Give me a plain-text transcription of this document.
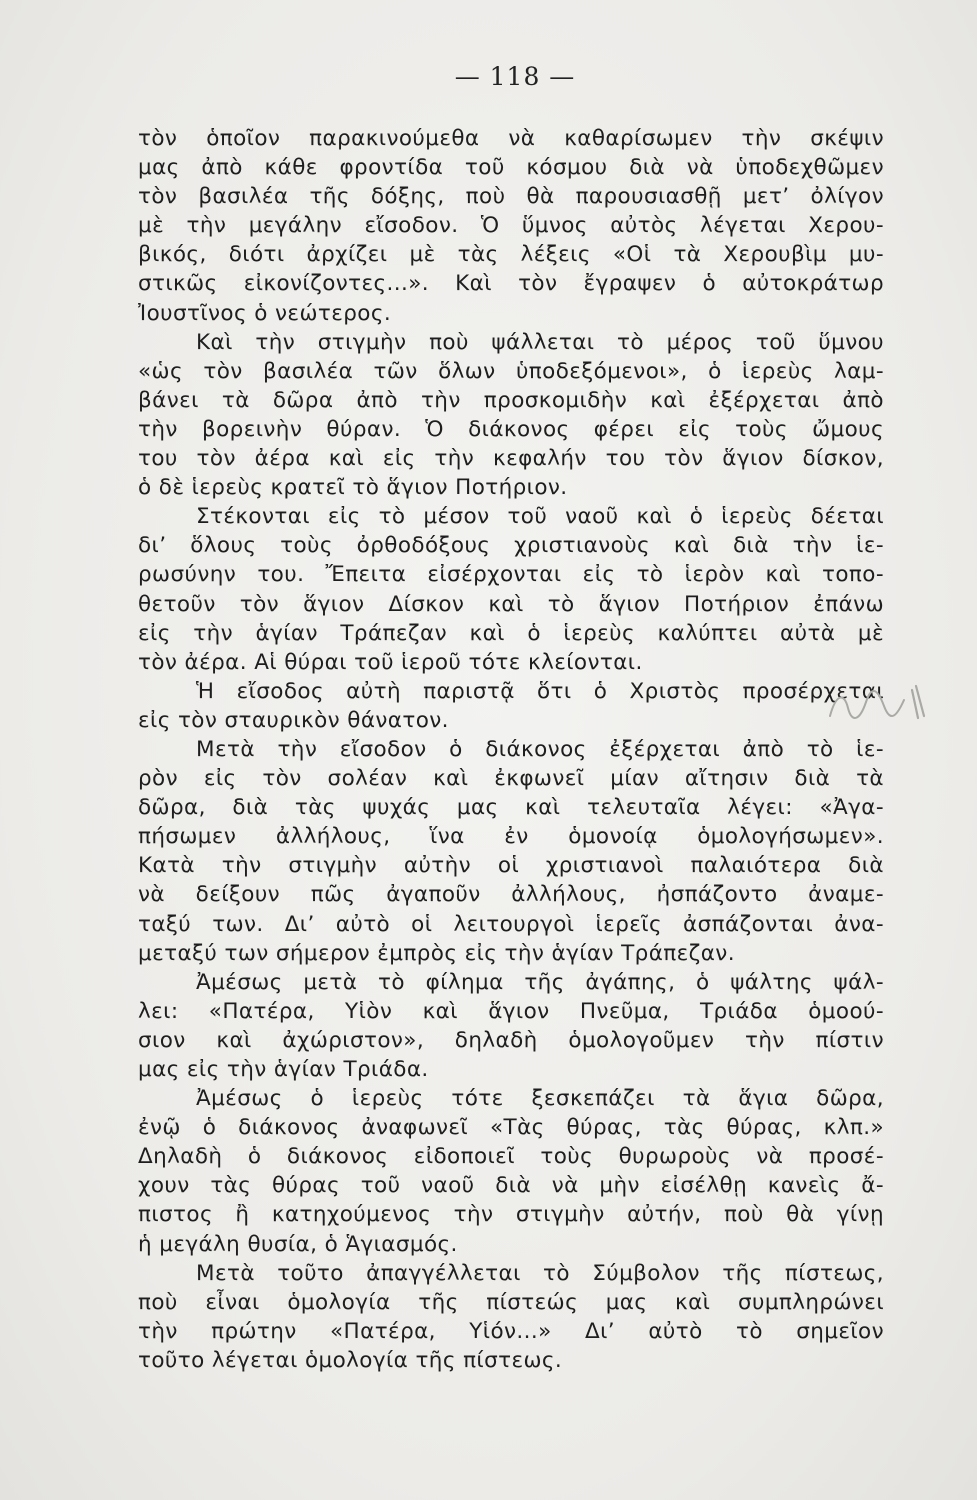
— 118 —
τὸν ὁποῖον παρακινούμεθα νὰ καθαρίσωμεν τὴν σκέψιν
μας ἀπὸ κάθε φροντίδα τοῦ κόσμου διὰ νὰ ὑποδεχθῶμεν
τὸν βασιλέα τῆς δόξης, ποὺ θὰ παρουσιασθῇ μετ’ ὀλίγον
μὲ τὴν μεγάλην εἴσοδον. Ὁ ὕμνος αὐτὸς λέγεται Χερου-
βικός, διότι ἀρχίζει μὲ τὰς λέξεις «Οἱ τὰ Χερουβὶμ μυ-
στικῶς εἰκονίζοντες...». Καὶ τὸν ἔγραψεν ὁ αὐτοκράτωρ
Ἰουστῖνος ὁ νεώτερος.
Καὶ τὴν στιγμὴν ποὺ ψάλλεται τὸ μέρος τοῦ ὕμνου
«ὡς τὸν βασιλέα τῶν ὅλων ὑποδεξόμενοι», ὁ ἱερεὺς λαμ-
βάνει τὰ δῶρα ἀπὸ τὴν προσκομιδὴν καὶ ἐξέρχεται ἀπὸ
τὴν βορεινὴν θύραν. Ὁ διάκονος φέρει εἰς τοὺς ὤμους
του τὸν ἀέρα καὶ εἰς τὴν κεφαλήν του τὸν ἅγιον δίσκον,
ὁ δὲ ἱερεὺς κρατεῖ τὸ ἅγιον Ποτήριον.
Στέκονται εἰς τὸ μέσον τοῦ ναοῦ καὶ ὁ ἱερεὺς δέεται
δι’ ὅλους τοὺς ὀρθοδόξους χριστιανοὺς καὶ διὰ τὴν ἱε-
ρωσύνην του. Ἔπειτα εἰσέρχονται εἰς τὸ ἱερὸν καὶ τοπο-
θετοῦν τὸν ἅγιον Δίσκον καὶ τὸ ἅγιον Ποτήριον ἐπάνω
εἰς τὴν ἁγίαν Τράπεζαν καὶ ὁ ἱερεὺς καλύπτει αὐτὰ μὲ
τὸν ἀέρα. Αἱ θύραι τοῦ ἱεροῦ τότε κλείονται.
Ἡ εἴσοδος αὐτὴ παριστᾷ ὅτι ὁ Χριστὸς προσέρχεται
εἰς τὸν σταυρικὸν θάνατον.
Μετὰ τὴν εἴσοδον ὁ διάκονος ἐξέρχεται ἀπὸ τὸ ἱε-
ρὸν εἰς τὸν σολέαν καὶ ἐκφωνεῖ μίαν αἴτησιν διὰ τὰ
δῶρα, διὰ τὰς ψυχάς μας καὶ τελευταῖα λέγει: «Ἀγα-
πήσωμεν ἀλλήλους, ἵνα ἐν ὁμονοίᾳ ὁμολογήσωμεν».
Κατὰ τὴν στιγμὴν αὐτὴν οἱ χριστιανοὶ παλαιότερα διὰ
νὰ δείξουν πῶς ἀγαποῦν ἀλλήλους, ἠσπάζοντο ἀναμε-
ταξύ των. Δι’ αὐτὸ οἱ λειτουργοὶ ἱερεῖς ἀσπάζονται ἀνα-
μεταξύ των σήμερον ἐμπρὸς εἰς τὴν ἁγίαν Τράπεζαν.
Ἀμέσως μετὰ τὸ φίλημα τῆς ἀγάπης, ὁ ψάλτης ψάλ-
λει: «Πατέρα, Υἱὸν καὶ ἅγιον Πνεῦμα, Τριάδα ὁμοού-
σιον καὶ ἀχώριστον», δηλαδὴ ὁμολογοῦμεν τὴν πίστιν
μας εἰς τὴν ἁγίαν Τριάδα.
Ἀμέσως ὁ ἱερεὺς τότε ξεσκεπάζει τὰ ἅγια δῶρα,
ἐνῷ ὁ διάκονος ἀναφωνεῖ «Τὰς θύρας, τὰς θύρας, κλπ.»
Δηλαδὴ ὁ διάκονος εἰδοποιεῖ τοὺς θυρωροὺς νὰ προσέ-
χουν τὰς θύρας τοῦ ναοῦ διὰ νὰ μὴν εἰσέλθῃ κανεὶς ἄ-
πιστος ἢ κατηχούμενος τὴν στιγμὴν αὐτήν, ποὺ θὰ γίνῃ
ἡ μεγάλη θυσία, ὁ Ἁγιασμός.
Μετὰ τοῦτο ἀπαγγέλλεται τὸ Σύμβολον τῆς πίστεως,
ποὺ εἶναι ὁμολογία τῆς πίστεώς μας καὶ συμπληρώνει
τὴν πρώτην «Πατέρα, Υἱόν...» Δι’ αὐτὸ τὸ σημεῖον
τοῦτο λέγεται ὁμολογία τῆς πίστεως.
